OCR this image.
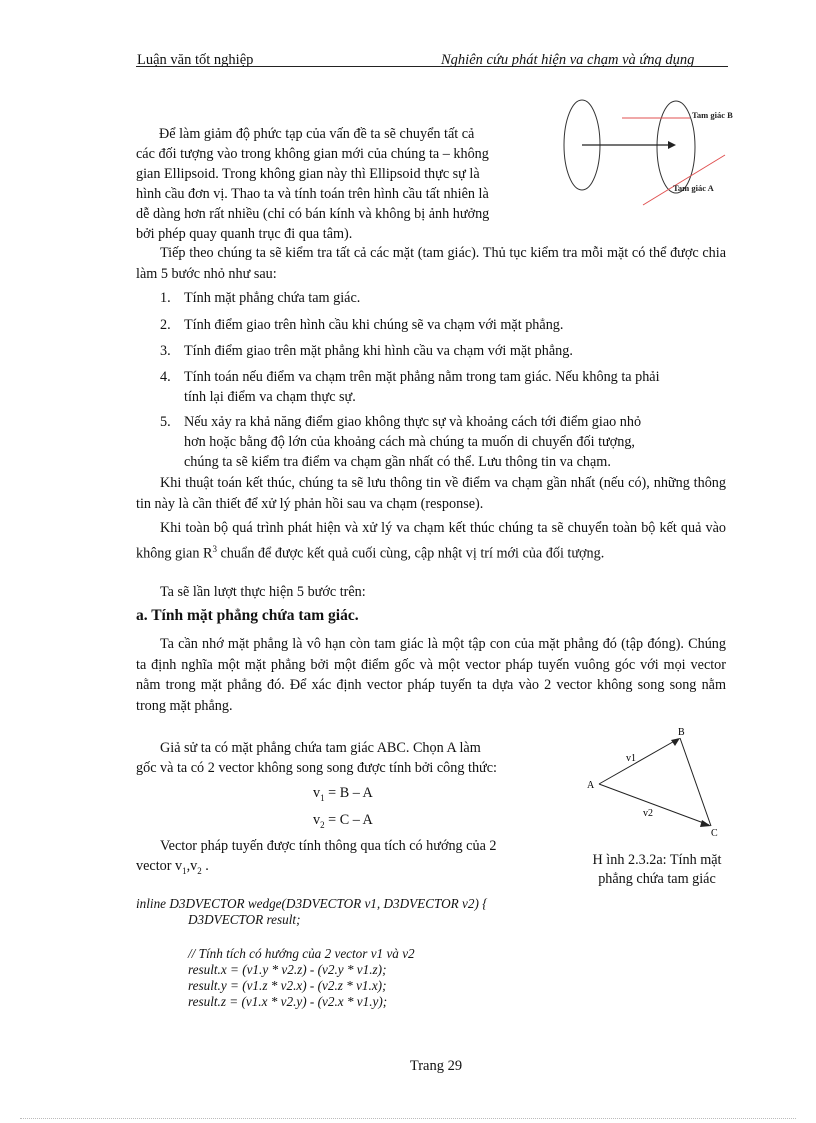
Luận văn tốt nghiệp	Nghiên cứu phát hiện va chạm và ứng dụng
Tam giác B
Tam giác A
Để làm giảm độ phức tạp của vấn đề ta sẽ chuyển tất cả
các đối tượng vào trong không gian mới của chúng ta – không
gian Ellipsoid. Trong không gian này thì Ellipsoid thực sự là
hình cầu đơn vị. Thao ta và tính toán trên hình cầu tất nhiên là
dễ dàng hơn rất nhiều (chỉ có bán kính và không bị ảnh hưởng
bởi phép quay quanh trục đi qua tâm).
Tiếp theo chúng ta sẽ kiểm tra tất cả các mặt (tam giác). Thủ tục kiểm tra mỗi mặt có thể được chia làm 5 bước nhỏ như sau:
1. Tính mặt phẳng chứa tam giác.
2. Tính điểm giao trên hình cầu khi chúng sẽ va chạm với mặt phẳng.
3. Tính điểm giao trên mặt phẳng khi hình cầu va chạm với mặt phẳng.
4. Tính toán nếu điểm va chạm trên mặt phẳng nằm trong tam giác. Nếu không ta phải
tính lại điểm va chạm thực sự.
5. Nếu xảy ra khả năng điểm giao không thực sự và khoảng cách tới điểm giao nhỏ
hơn hoặc bằng độ lớn của khoảng cách mà chúng ta muốn di chuyển đối tượng,
chúng ta sẽ kiểm tra điểm va chạm gần nhất có thể. Lưu thông tin va chạm.
Khi thuật toán kết thúc, chúng ta sẽ lưu thông tin về điểm va chạm gần nhất (nếu có), những thông tin này là cần thiết để xử lý phản hồi sau va chạm (response).
Khi toàn bộ quá trình phát hiện và xử lý va chạm kết thúc chúng ta sẽ chuyển toàn bộ kết quả vào không gian $R^3$ chuẩn để được kết quả cuối cùng, cập nhật vị trí mới của đối tượng.
Ta sẽ lần lượt thực hiện 5 bước trên:
a. Tính mặt phẳng chứa tam giác.
Ta cần nhớ mặt phẳng là vô hạn còn tam giác là một tập con của mặt phẳng đó (tập đóng). Chúng ta định nghĩa một mặt phẳng bởi một điểm gốc và một vector pháp tuyến vuông góc với mọi vector nằm trong mặt phẳng đó. Để xác định vector pháp tuyến ta dựa vào 2 vector không song song nằm trong mặt phẳng.
Giả sử ta có mặt phẳng chứa tam giác ABC. Chọn A làm
gốc và ta có 2 vector không song song được tính bởi công thức:
$v_1 = B - A$
$v_2 = C - A$
Vector pháp tuyến được tính thông qua tích có hướng của 2
vector $v_1,v_2$ .
A
B
C
v1
v2
H ình 2.3.2a: Tính mặt
phẳng chứa tam giác
inline D3DVECTOR wedge(D3DVECTOR v1, D3DVECTOR v2) {
D3DVECTOR result;
// Tính tích có hướng của 2 vector v1 và v2
result.x = (v1.y * v2.z) - (v2.y * v1.z);
result.y = (v1.z * v2.x) - (v2.z * v1.x);
result.z = (v1.x * v2.y) - (v2.x * v1.y);
Trang 29
